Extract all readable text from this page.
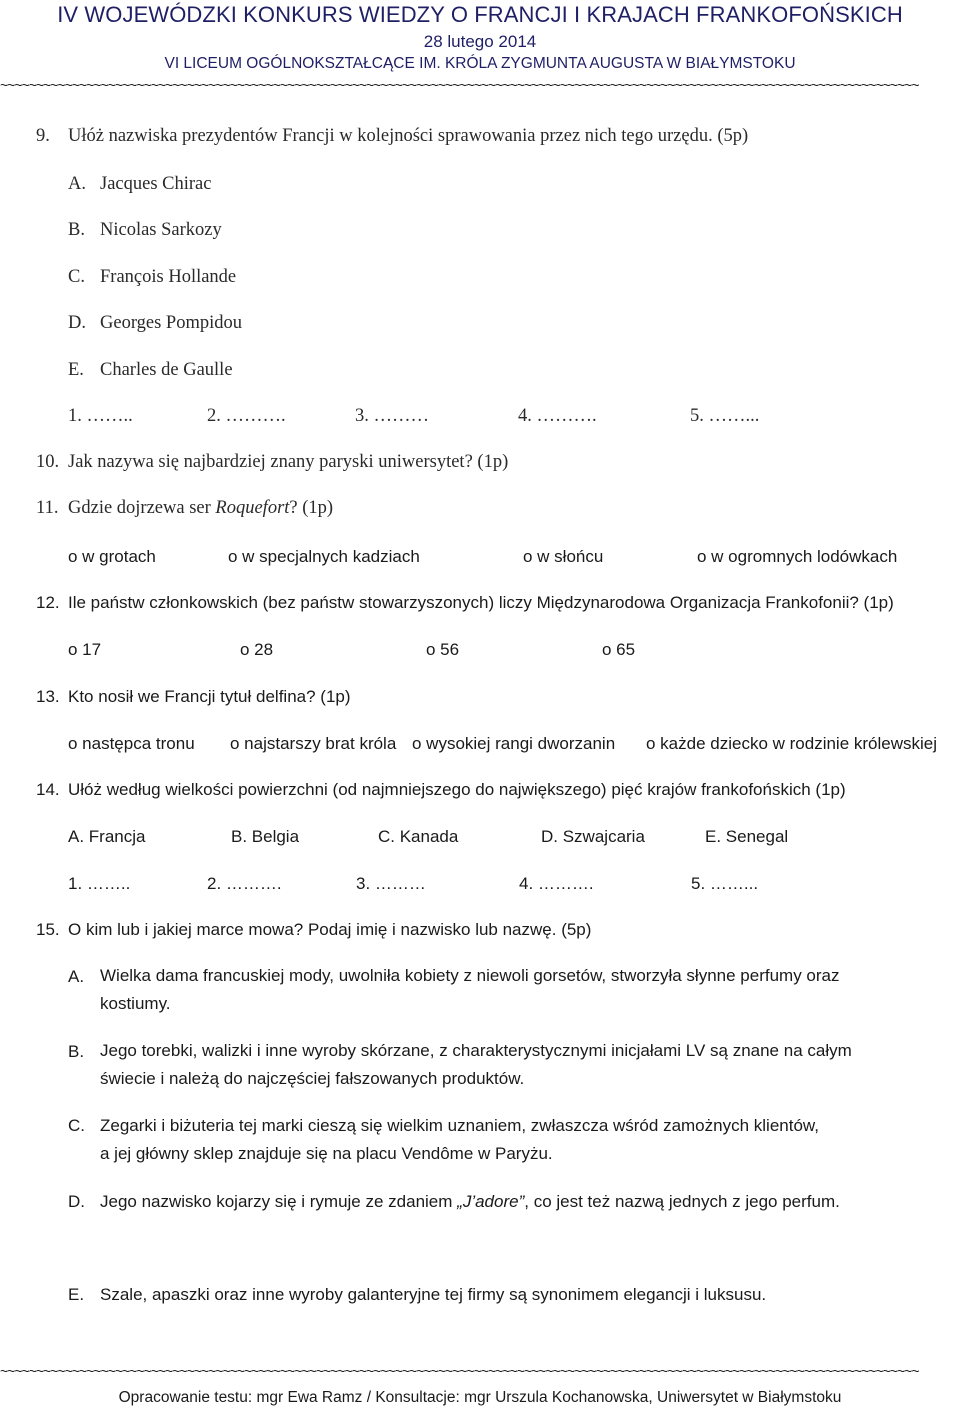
IV WOJEWÓDZKI KONKURS WIEDZY O FRANCJI I KRAJACH FRANKOFOŃSKICH
28 lutego 2014
VI LICEUM OGÓLNOKSZTAŁCĄCE IM. KRÓLA ZYGMUNTA AUGUSTA W BIAŁYMSTOKU
~~~~~~~~~~~~~~~~~~~~~~~~~~~~~~~~~~~~~~~~~~~~~~~~~~~~~~~~~~~~~~~~~~~~~~~~~~~~~~~~~~~~~~~~~~~~~~~~~~~~~~~~~~~~~~~~~~~~~~~~~~~~~~~~
9. Ułóż nazwiska prezydentów Francji w kolejności sprawowania przez nich tego urzędu. (5p)
A. Jacques Chirac
B. Nicolas Sarkozy
C. François Hollande
D. Georges Pompidou
E. Charles de Gaulle
1. ……..	2. ……….	3. ………	4. ……….	5. ……...
10. Jak nazywa się najbardziej znany paryski uniwersytet? (1p)
11. Gdzie dojrzewa ser Roquefort? (1p)
o w grotach	o w specjalnych kadziach	o w słońcu	o w ogromnych lodówkach
12. Ile państw członkowskich (bez państw stowarzyszonych) liczy Międzynarodowa Organizacja Frankofonii? (1p)
o 17	o 28	o 56	o 65
13. Kto nosił we Francji tytuł delfina? (1p)
o następca tronu o najstarszy brat króla o wysokiej rangi dworzanin o każde dziecko w rodzinie królewskiej
14. Ułóż według wielkości powierzchni (od najmniejszego do największego) pięć krajów frankofońskich (1p)
A. Francja	B. Belgia	C. Kanada	D. Szwajcaria	E. Senegal
1. ……..	2. ……….	3. ………	4. ……….	5. ……...
15. O kim lub i jakiej marce mowa? Podaj imię i nazwisko lub nazwę. (5p)
A. Wielka dama francuskiej mody, uwolniła kobiety z niewoli gorsetów, stworzyła słynne perfumy oraz kostiumy.
B. Jego torebki, walizki i inne wyroby skórzane, z charakterystycznymi inicjałami LV są znane na całym świecie i należą do najczęściej fałszowanych produktów.
C. Zegarki i biżuteria tej marki cieszą się wielkim uznaniem, zwłaszcza wśród zamożnych klientów,
a jej główny sklep znajduje się na placu Vendôme w Paryżu.
D. Jego nazwisko kojarzy się i rymuje ze zdaniem „J’adore”, co jest też nazwą jednych z jego perfum.
E. Szale, apaszki oraz inne wyroby galanteryjne tej firmy są synonimem elegancji i luksusu.
~~~~~~~~~~~~~~~~~~~~~~~~~~~~~~~~~~~~~~~~~~~~~~~~~~~~~~~~~~~~~~~~~~~~~~~~~~~~~~~~~~~~~~~~~~~~~~~~~~~~~~~~~~~~~~~~~~~~~~~~~~~~~~~~
Opracowanie testu: mgr Ewa Ramz / Konsultacje: mgr Urszula Kochanowska, Uniwersytet w Białymstoku
